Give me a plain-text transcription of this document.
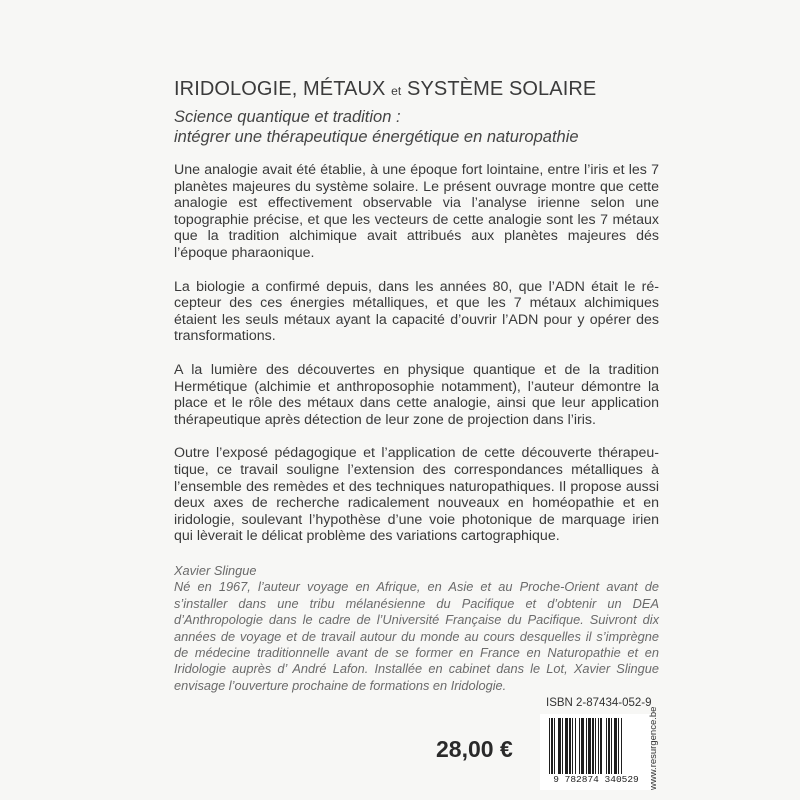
IRIDOLOGIE, MÉTAUX et SYSTÈME SOLAIRE
Science quantique et tradition :
intégrer une thérapeutique énergétique en naturopathie

Une analogie avait été établie, à une époque fort lointaine, entre l’iris et les 7 planètes majeures du système solaire. Le présent ouvrage montre que cette analogie est effectivement observable via l’analyse irienne selon une topographie précise, et que les vecteurs de cette analogie sont les 7 métaux que la tradition alchimique avait attribués aux planètes majeures dés l’époque pharaonique.

La biologie a confirmé depuis, dans les années 80, que l’ADN était le récepteur des ces énergies métalliques, et que les 7 métaux alchimiques étaient les seuls métaux ayant la capacité d’ouvrir l’ADN pour y opérer des transformations.

A la lumière des découvertes en physique quantique et de la tradition Hermétique (alchimie et anthroposophie notamment), l’auteur démontre la place et le rôle des métaux dans cette analogie, ainsi que leur application thérapeutique après détection de leur zone de projection dans l’iris.

Outre l’exposé pédagogique et l’application de cette découverte thérapeutique, ce travail souligne l’extension des correspondances métalliques à l’ensemble des remèdes et des techniques naturopathiques. Il propose aussi deux axes de recherche radicalement nouveaux en homéopathie et en iridologie, soulevant l’hypothèse d’une voie photonique de marquage irien qui lèverait le délicat problème des variations cartographique.

Xavier Slingue
Né en 1967, l’auteur voyage en Afrique, en Asie et au Proche-Orient avant de s’installer dans une tribu mélanésienne du Pacifique et d’obtenir un DEA d’Anthropologie dans le cadre de l’Université Française du Pacifique. Suivront dix années de voyage et de travail autour du monde au cours desquelles il s’imprègne de médecine traditionnelle avant de se former en France en Naturopathie et en Iridologie auprès d’ André Lafon. Installée en cabinet dans le Lot, Xavier Slingue envisage l’ouverture prochaine de formations en Iridologie.
ISBN 2-87434-052-9
28,00 €
9 782874 340529 www.resurgence.be
